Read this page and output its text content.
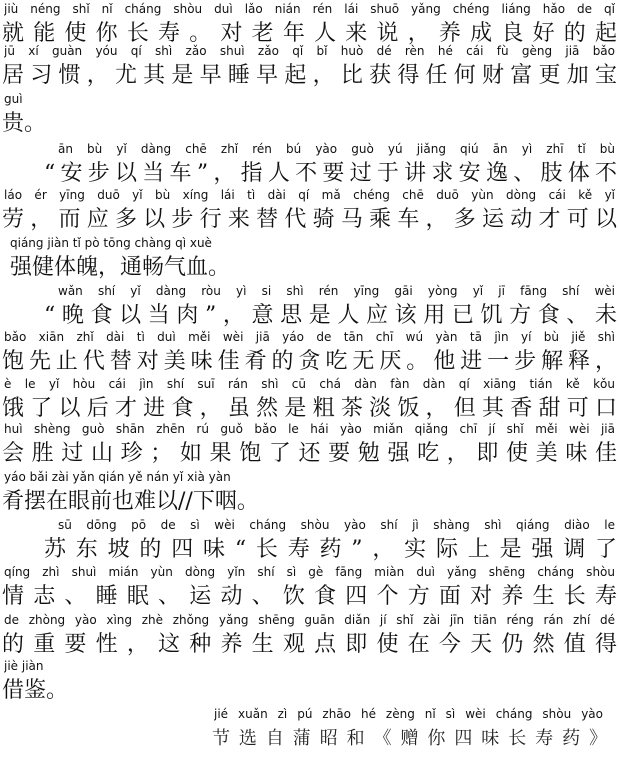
jiù néng shǐ nǐ cháng shòu duì lǎo nián rén lái shuō yǎng chéng liáng hǎo de qǐ
就能使你长寿。对老年人来说，养成良好的起
jū xí guàn yóu qí shì zǎo shuì zǎo qǐ bǐ huò dé rèn hé cái fù gèng jiā bǎo
居习惯，尤其是早睡早起，比获得任何财富更加宝
guì
贵。
ān bù yǐ dàng chē zhǐ rén bú yào guò yú jiǎng qiú ān yì zhī tǐ bù
“安步以当车”，指人不要过于讲求安逸、肢体不
láo ér yīng duō yǐ bù xíng lái tì dài qí mǎ chéng chē duō yùn dòng cái kě yǐ
劳，而应多以步行来替代骑马乘车，多运动才可以
qiáng jiàn tǐ pò tōng chàng qì xuè
强健体魄，通畅气血。
wǎn shí yǐ dàng ròu yì si shì rén yīng gāi yòng yǐ jī fāng shí wèi
“晚食以当肉”，意思是人应该用已饥方食、未
bǎo xiān zhǐ dài tì duì měi wèi jiā yáo de tān chī wú yàn tā jìn yí bù jiě shì
饱先止代替对美味佳肴的贪吃无厌。他进一步解释，
è le yǐ hòu cái jìn shí suī rán shì cū chá dàn fàn dàn qí xiāng tián kě kǒu
饿了以后才进食，虽然是粗茶淡饭，但其香甜可口
huì shèng guò shān zhēn rú guǒ bǎo le hái yào miǎn qiǎng chī jí shǐ měi wèi jiā
会胜过山珍；如果饱了还要勉强吃，即使美味佳
yáo bǎi zài yǎn qián yě nán yǐ xià yàn
肴摆在眼前也难以//下咽。
sū dōng pō de sì wèi cháng shòu yào shí jì shàng shì qiáng diào le
苏东坡的四味“长寿药”，实际上是强调了
qíng zhì shuì mián yùn dòng yǐn shí sì gè fāng miàn duì yǎng shēng cháng shòu
情志、睡眠、运动、饮食四个方面对养生长寿
de zhòng yào xìng zhè zhǒng yǎng shēng guān diǎn jí shǐ zài jīn tiān réng rán zhí dé
的重要性，这种养生观点即使在今天仍然值得
jiè jiàn
借鉴。
jié xuǎn zì pú zhāo hé zèng nǐ sì wèi cháng shòu yào
节选自蒲昭和《赠你四味长寿药》
